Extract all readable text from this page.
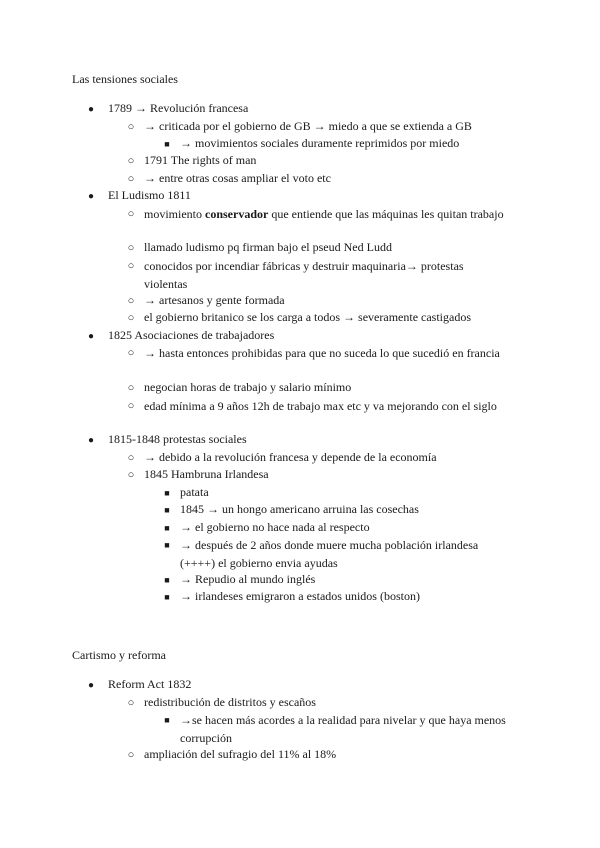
Las tensiones sociales
●	1789 → Revolución francesa
○ → criticada por el gobierno de GB → miedo a que se extienda a GB
■ → movimientos sociales duramente reprimidos por miedo
○ 1791 The rights of man
○ → entre otras cosas ampliar el voto etc
●	El Ludismo 1811
○ movimiento conservador que entiende que las máquinas les quitan trabajo
○ llamado ludismo pq firman bajo el pseud Ned Ludd
○ conocidos por incendiar fábricas y destruir maquinaria→ protestas violentas
○ → artesanos y gente formada
○ el gobierno britanico se los carga a todos → severamente castigados
●	1825 Asociaciones de trabajadores
○ → hasta entonces prohibidas para que no suceda lo que sucedió en francia
○ negocian horas de trabajo y salario mínimo
○ edad mínima a 9 años 12h de trabajo max etc y va mejorando con el siglo
●	1815-1848 protestas sociales
○ → debido a la revolución francesa y depende de la economía
○ 1845 Hambruna Irlandesa
■ patata
■ 1845 → un hongo americano arruina las cosechas
■ → el gobierno no hace nada al respecto
■ → después de 2 años donde muere mucha población irlandesa (++++) el gobierno envia ayudas
■ → Repudio al mundo inglés
■ → irlandeses emigraron a estados unidos (boston)
Cartismo y reforma
●	Reform Act 1832
○ redistribución de distritos y escaños
■ →se hacen más acordes a la realidad para nivelar y que haya menos corrupción
○ ampliación del sufragio del 11% al 18%
